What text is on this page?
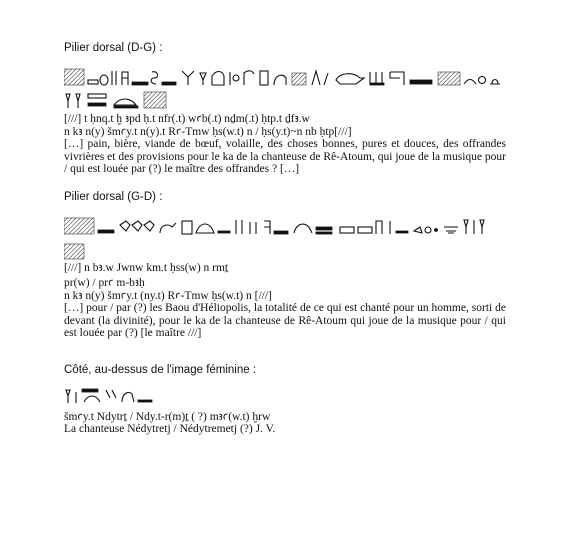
Pilier dorsal (D-G) :
[///] t ḥnq.t ḫ ꜣpd ḥ.t nfr(.t) wꜥb(.t) nḏm(.t) ḥtp.t ḏfꜣ.w
n kꜣ n(y) šmꜥy.t n(y).t Rꜥ-Tmw ḥs(w.t) n / ḥs(y.t)~n nb ḥtp[///]
[…] pain, bière, viande de bœuf, volaille, des choses bonnes, pures et douces, des offrandes vivrières et des provisions pour le ka de la chanteuse de Rê-Atoum, qui joue de la musique pour / qui est louée par (?) le maître des offrandes ? […]
Pilier dorsal (G-D) :
[///] n bꜣ.w Jwnw km.t ḥss(w) n rmṯ
pr(w) / prꜥ m-bꜣḥ
n kꜣ n(y) šmꜥy.t (ny.t) Rꜥ-Tmw ḥs(w.t) n [///]
[…] pour / par (?) les Baou d'Héliopolis, la totalité de ce qui est chanté pour un homme, sorti de devant (la divinité), pour le ka de la chanteuse de Rê-Atoum qui joue de la musique pour / qui est louée par (?) [le maître ///]
Côté, au-dessus de l'image féminine :
šmꜥy.t Ndytrṯ / Ndy.t-r(m)ṯ ( ?) mꜣꜥ(w.t) ḫrw
La chanteuse Nédytretj / Nédytremetj (?) J. V.
